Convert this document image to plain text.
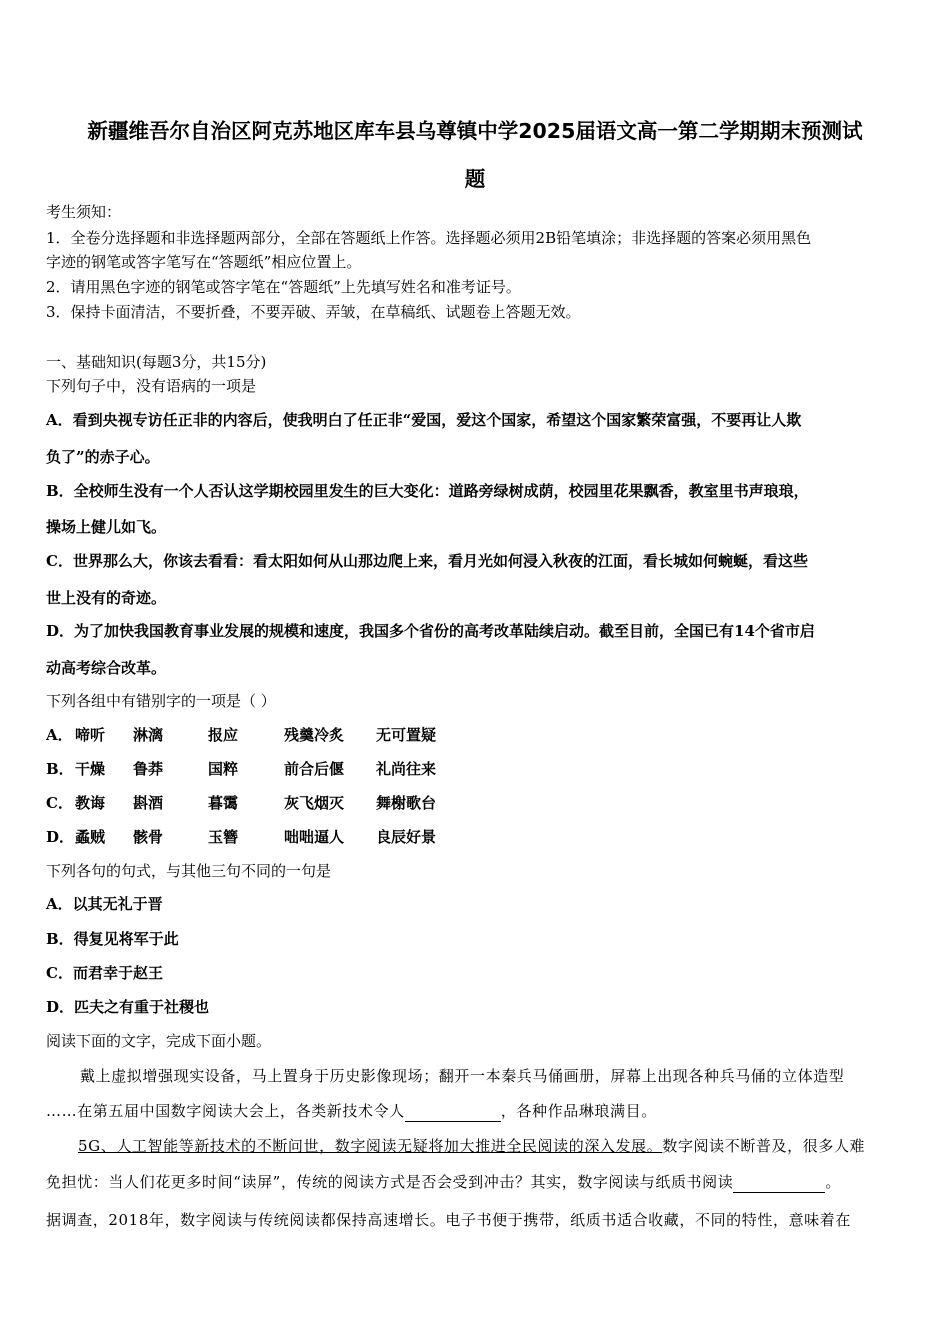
新疆维吾尔自治区阿克苏地区库车县乌尊镇中学2025届语文高一第二学期期末预测试
题
考生须知：
1．全卷分选择题和非选择题两部分，全部在答题纸上作答。选择题必须用2B铅笔填涂；非选择题的答案必须用黑色
字迹的钢笔或答字笔写在“答题纸”相应位置上。
2．请用黑色字迹的钢笔或答字笔在“答题纸”上先填写姓名和准考证号。
3．保持卡面清洁，不要折叠，不要弄破、弄皱，在草稿纸、试题卷上答题无效。
一、基础知识(每题3分，共15分)
下列句子中，没有语病的一项是
A．看到央视专访任正非的内容后，使我明白了任正非“爱国，爱这个国家，希望这个国家繁荣富强，不要再让人欺
负了”的赤子心。
B．全校师生没有一个人否认这学期校园里发生的巨大变化：道路旁绿树成荫，校园里花果飘香，教室里书声琅琅，
操场上健儿如飞。
C．世界那么大，你该去看看：看太阳如何从山那边爬上来，看月光如何浸入秋夜的江面，看长城如何蜿蜒，看这些
世上没有的奇迹。
D．为了加快我国教育事业发展的规模和速度，我国多个省份的高考改革陆续启动。截至目前，全国已有14个省市启
动高考综合改革。
下列各组中有错别字的一项是（ ）
A． 啼听 淋漓	报应	残羹冷炙 无可置疑
B． 干燥 鲁莽	国粹	前合后偃 礼尚往来
C． 教诲 斟酒	暮霭	灰飞烟灭 舞榭歌台
D． 蟊贼 骸骨	玉簪	咄咄逼人 良辰好景
下列各句的句式，与其他三句不同的一句是
A．以其无礼于晋
B．得复见将军于此
C．而君幸于赵王
D．匹夫之有重于社稷也
阅读下面的文字，完成下面小题。
戴上虚拟增强现实设备，马上置身于历史影像现场；翻开一本秦兵马俑画册，屏幕上出现各种兵马俑的立体造型
……在第五届中国数字阅读大会上，各类新技术令人	，各种作品琳琅满目。
5G、人工智能等新技术的不断问世，数字阅读无疑将加大推进全民阅读的深入发展。数字阅读不断普及，很多人难
免担忧：当人们花更多时间“读屏”，传统的阅读方式是否会受到冲击？其实，数字阅读与纸质书阅读	。
据调查，2018年，数字阅读与传统阅读都保持高速增长。电子书便于携带，纸质书适合收藏，不同的特性，意味着在
